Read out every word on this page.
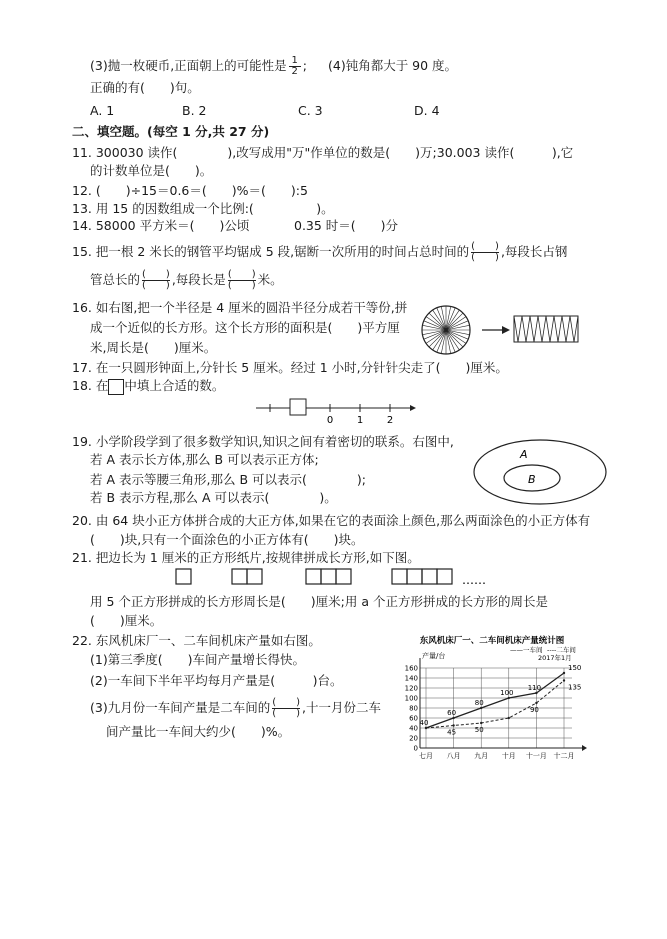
(3)抛一枚硬币,正面朝上的可能性是 $\frac{1}{2}$ ; (4)钝角都大于 90 度。
正确的有(　　)句。
A. 1	B. 2	C. 3	D. 4
二、填空题。(每空 1 分,共 27 分)
11. 300030 读作(　　　　),改写成用"万"作单位的数是(　　)万;30.003 读作(　　　),它
的计数单位是(　　)。
12. (　　)÷15＝0.6＝(　　)%＝(　　):5
13. 用 15 的因数组成一个比例:(　　　　　)。
14. 58000 平方米＝(　　)公顷	0.35 时＝(　　)分
15. 把一根 2 米长的钢管平均锯成 5 段,锯断一次所用的时间占总时间的 $\frac{( )}{( )}$ ,每段长占钢
管总长的 $\frac{( )}{( )}$ ,每段长是 $\frac{( )}{( )}$ 米。
16. 如右图,把一个半径是 4 厘米的圆沿半径分成若干等份,拼
成一个近似的长方形。这个长方形的面积是(　　)平方厘
米,周长是(　　)厘米。
17. 在一只圆形钟面上,分针长 5 厘米。经过 1 小时,分针针尖走了(　　)厘米。
18. 在 中填上合适的数。
0 1 2
19. 小学阶段学到了很多数学知识,知识之间有着密切的联系。右图中,
若 A 表示长方体,那么 B 可以表示正方体;
若 A 表示等腰三角形,那么 B 可以表示(　　　　);
若 B 表示方程,那么 A 可以表示(　　　　)。
A
B
20. 由 64 块小正方体拼合成的大正方体,如果在它的表面涂上颜色,那么两面涂色的小正方体有
(　　)块,只有一个面涂色的小正方体有(　　)块。
21. 把边长为 1 厘米的正方形纸片,按规律拼成长方形,如下图。
……
用 5 个正方形拼成的长方形周长是(　　)厘米;用 a 个正方形拼成的长方形的周长是
(　　)厘米。
22. 东风机床厂一、二车间机床产量如右图。
(1)第三季度(　　)车间产量增长得快。
(2)一车间下半年平均每月产量是(　　　)台。
(3)九月份一车间产量是二车间的 $\frac{( )}{( )}$ ,十一月份二车
间产量比一车间大约少(　　)%。
东风机床厂一、二车间机床产量统计图
产量/台
——一车间 ----二车间
2017年1月
0
20
40
60
80
100
120
140
160
七月 八月 九月 十月 十一月 十二月
40
60
80
100
110
150
45	50
90
135
